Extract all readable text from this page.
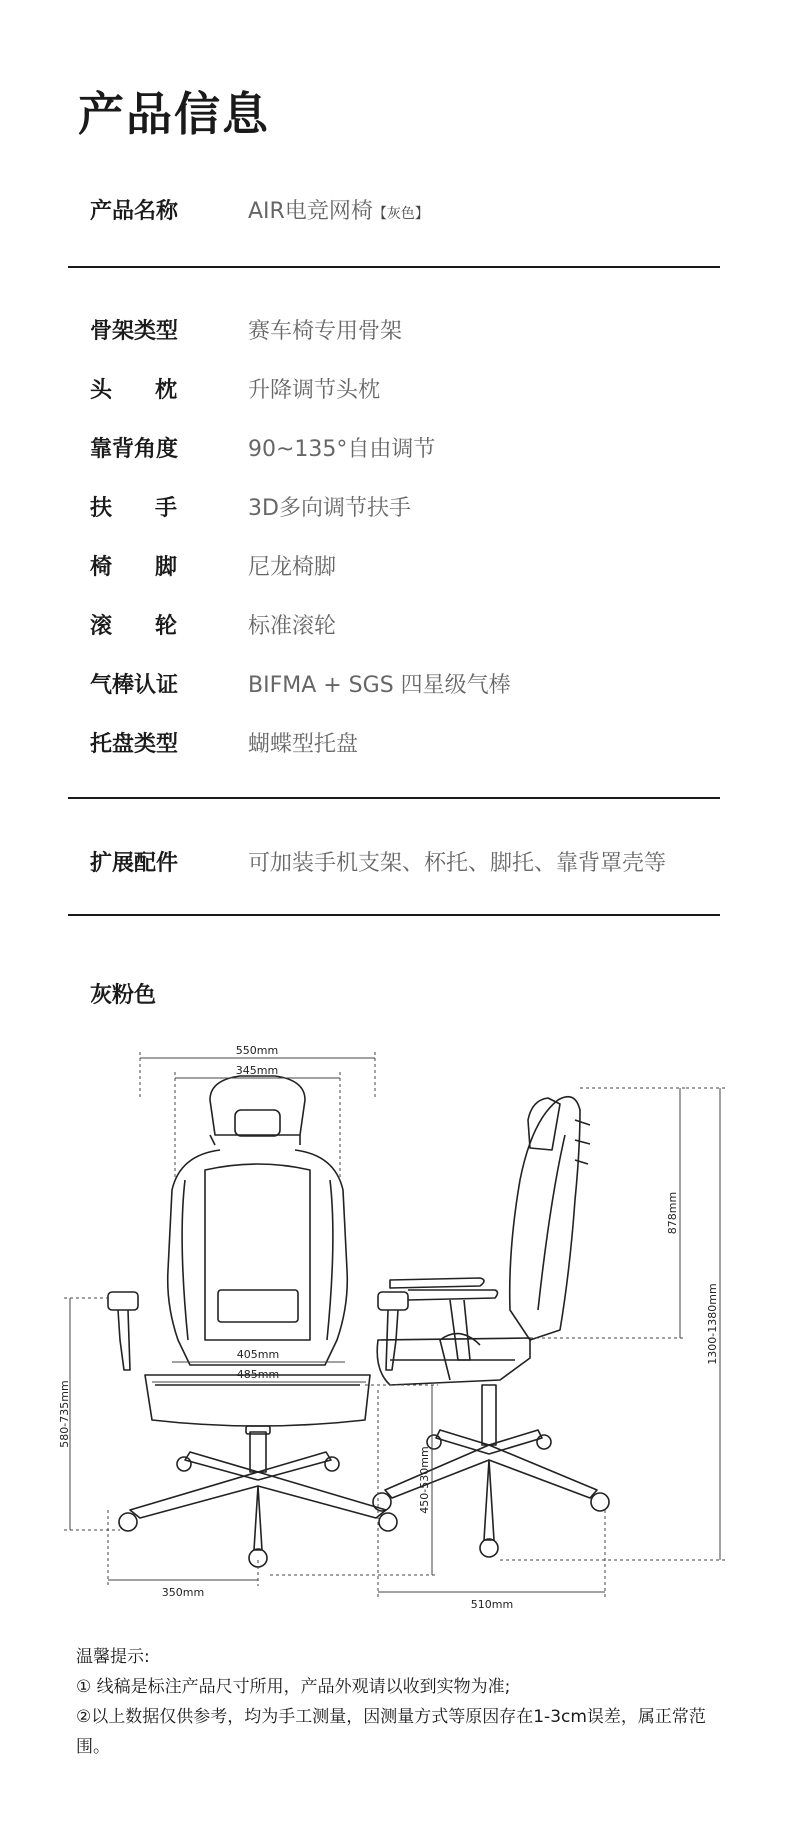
产品信息
产品名称	AIR电竞网椅【灰色】
骨架类型	赛车椅专用骨架
头枕 升降调节头枕
靠背角度	90~135°自由调节
扶手 3D多向调节扶手
椅脚 尼龙椅脚
滚轮 标准滚轮
气棒认证	BIFMA + SGS 四星级气棒
托盘类型	蝴蝶型托盘
扩展配件	可加装手机支架、杯托、脚托、靠背罩壳等
灰粉色
550mm
345mm
405mm
485mm
580-735mm
450-530mm
350mm
510mm
878mm
1300-1380mm
温馨提示:
① 线稿是标注产品尺寸所用，产品外观请以收到实物为准;
②以上数据仅供参考，均为手工测量，因测量方式等原因存在1-3cm误差，属正常范围。
